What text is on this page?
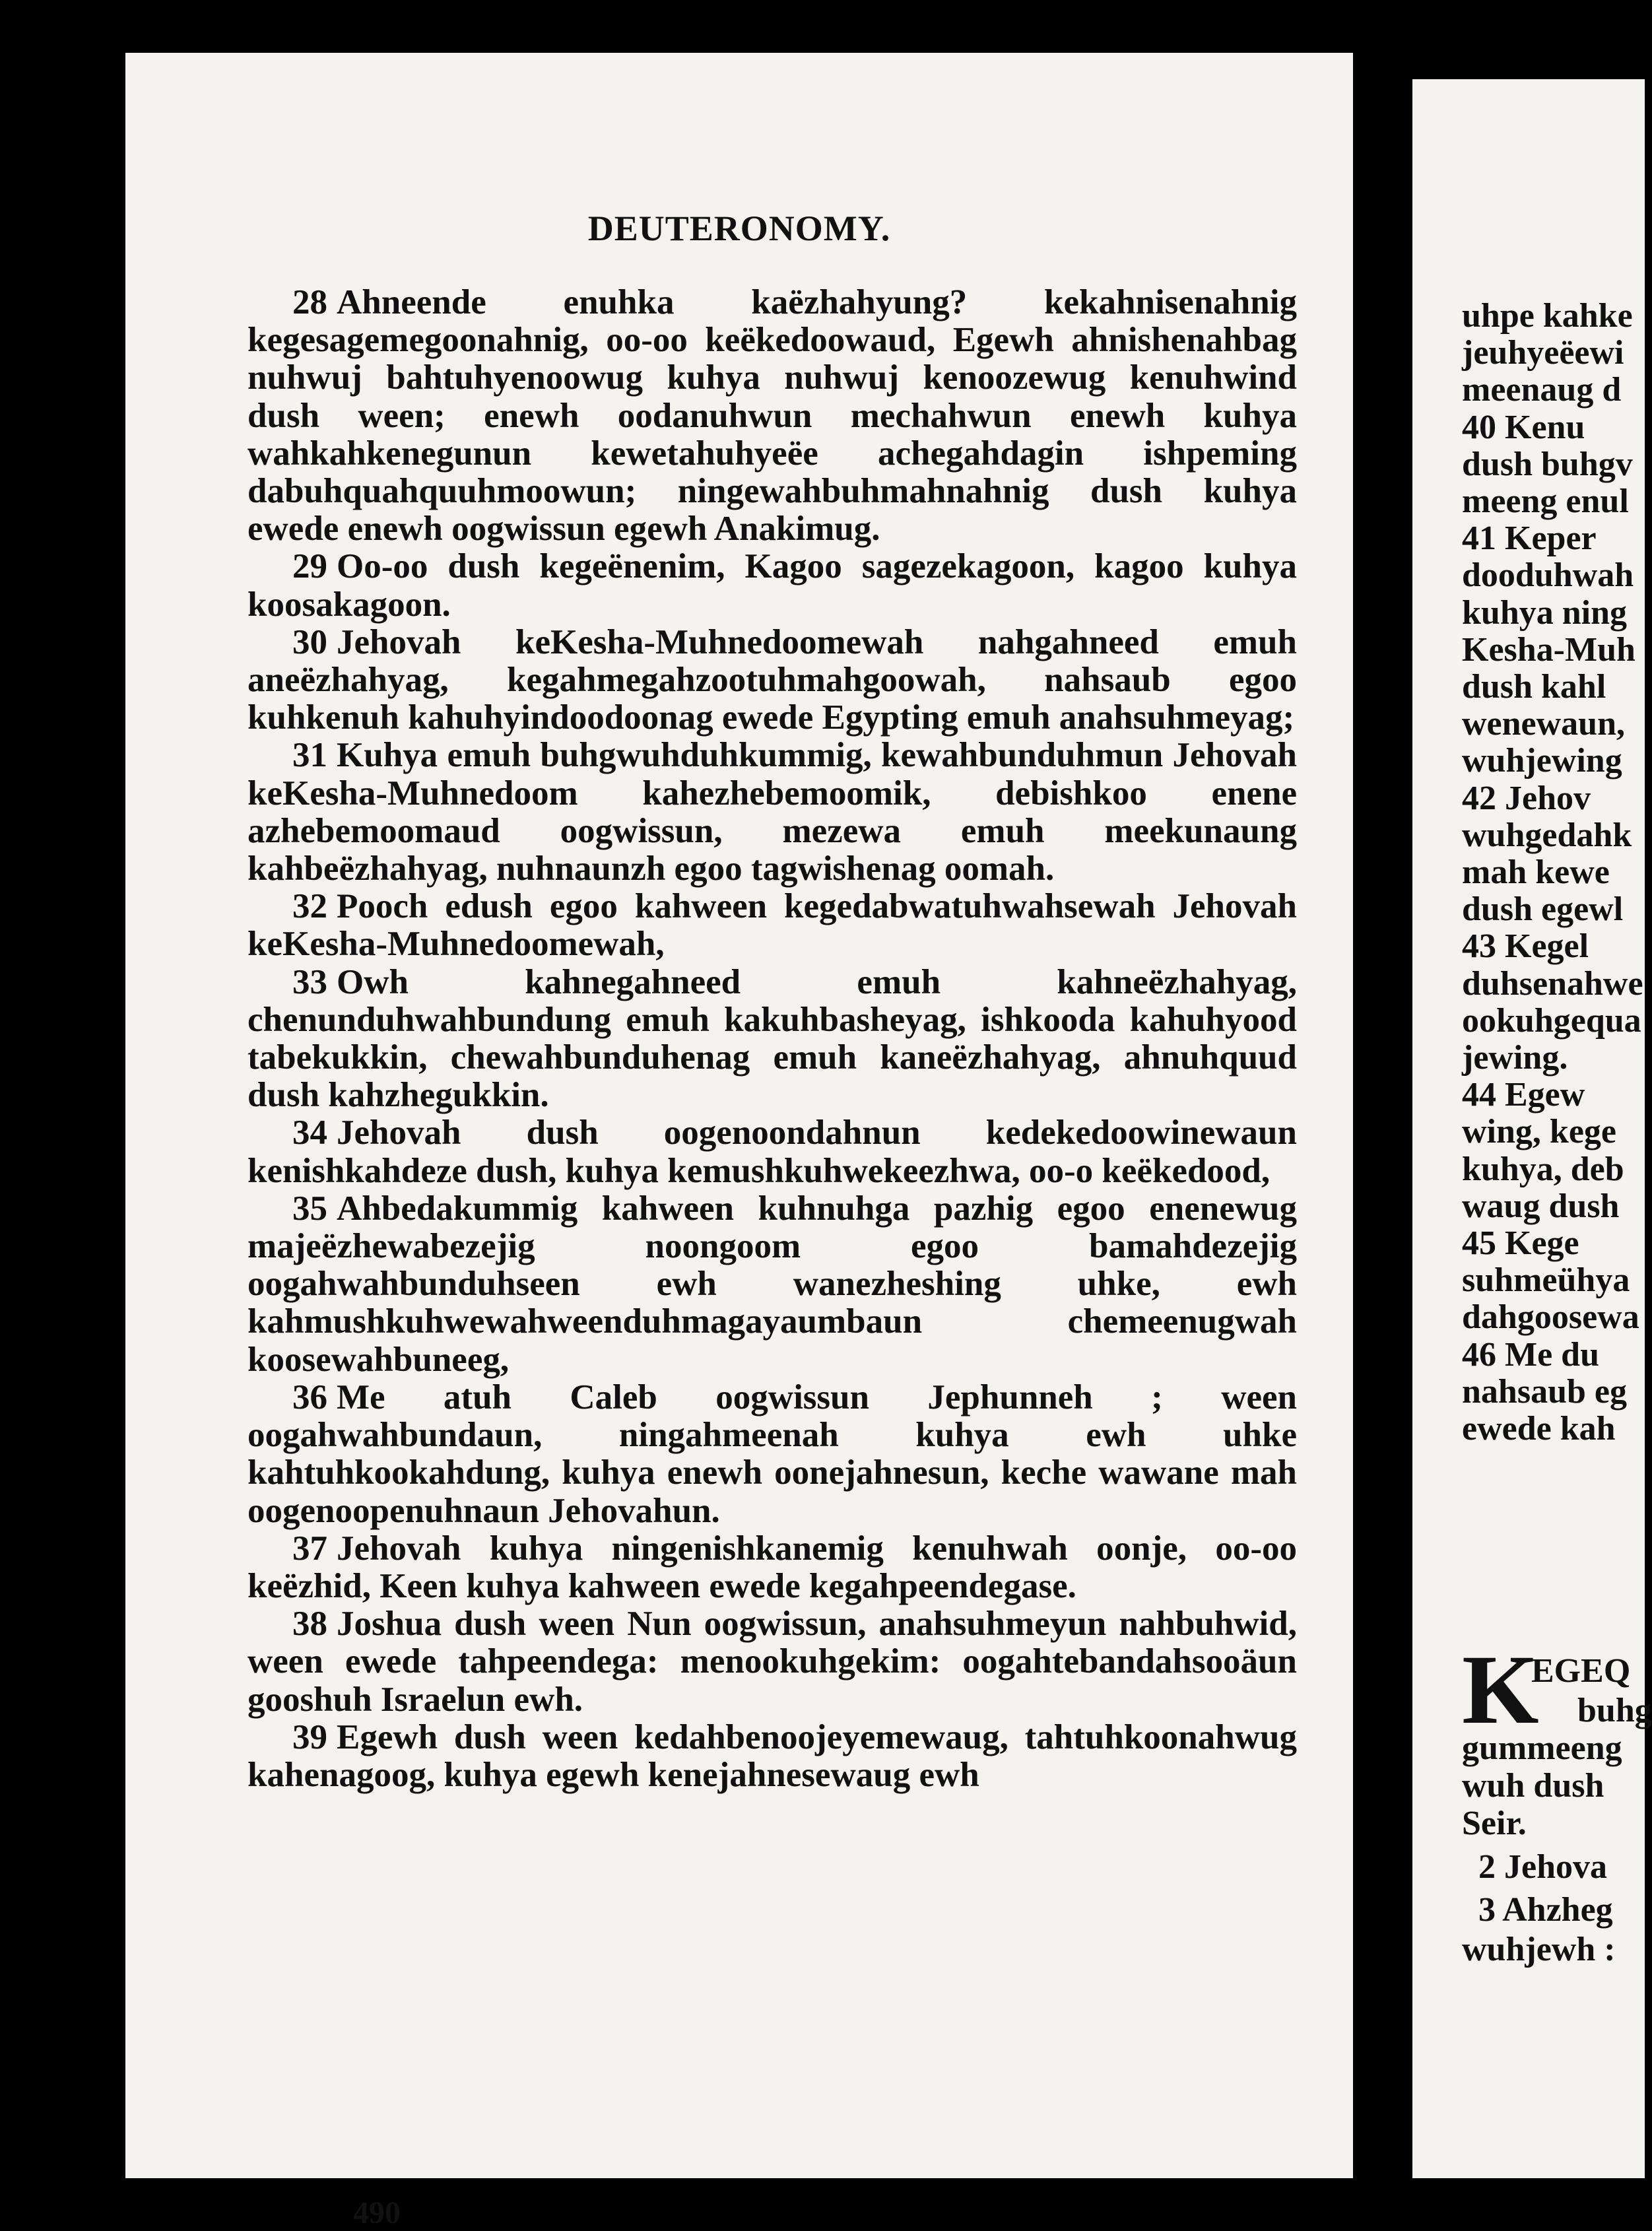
DEUTERONOMY.

28 Ahneende enuhka kaëzhahyung? kekahnisenahnig kegesagemegoonahnig, oo-oo keëkedoowaud, Egewh ahnishenahbag nuhwuj bahtuhyenoowug kuhya nuhwuj kenoozewug kenuhwind dush ween; enewh oodanuhwun mechahwun enewh kuhya wahkahkenegunun kewetahuhyeëe achegahdagin ishpeming dabuhquahquuhmoowun; ningewahbuhmahnahnig dush kuhya ewede enewh oogwissun egewh Anakimug.

29 Oo-oo dush kegeënenim, Kagoo sagezekagoon, kagoo kuhya koosakagoon.

30 Jehovah keKesha-Muhnedoomewah nahgahneed emuh aneëzhahyag, kegahmegahzootuhmahgoowah, nahsaub egoo kuhkenuh kahuhyindoodoonag ewede Egypting emuh anahsuhmeyag;

31 Kuhya emuh buhgwuhduhkummig, kewahbunduhmun Jehovah keKesha-Muhnedoom kahezhebemoomik, debishkoo enene azhebemoomaud oogwissun, mezewa emuh meekunaung kahbeëzhahyag, nuhnaunzh egoo tagwishenag oomah.

32 Pooch edush egoo kahween kegedabwatuhwahsewah Jehovah keKesha-Muhnedoomewah,

33 Owh kahnegahneed emuh kahneëzhahyag, chenunduhwahbundung emuh kakuhbasheyag, ishkooda kahuhyood tabekukkin, chewahbunduhenag emuh kaneëzhahyag, ahnuhquud dush kahzhegukkin.

34 Jehovah dush oogenoondahnun kedekedoowinewaun kenishkahdeze dush, kuhya kemushkuhwekeezhwa, oo-o keëkedood,

35 Ahbedakummig kahween kuhnuhga pazhig egoo enenewug majeëzhewabezejig noongoom egoo bamahdezejig oogahwahbunduhseen ewh wanezheshing uhke, ewh kahmushkuhwewahweenduhmagayaumbaun chemeenugwah koosewahbuneeg,

36 Me atuh Caleb oogwissun Jephunneh ; ween oogahwahbundaun, ningahmeenah kuhya ewh uhke kahtuhkookahdung, kuhya enewh oonejahnesun, keche wawane mah oogenoopenuhnaun Jehovahun.

37 Jehovah kuhya ningenishkanemig kenuhwah oonje, oo-oo keëzhid, Keen kuhya kahween ewede kegahpeendegase.

38 Joshua dush ween Nun oogwissun, anahsuhmeyun nahbuhwid, ween ewede tahpeendega: menookuhgekim: oogahtebandahsooäun gooshuh Israelun ewh.

39 Egewh dush ween kedahbenoojeyemewaug, tahtuhkoonahwug kahenagoog, kuhya egewh kenejahnesewaug ewh

490
uhpe kahke
jeuhyeëewi
meenaug d
40 Kenu
dush buhgv
meeng enul
41 Keper
dooduhwah
kuhya ning
Kesha-Muh
dush kahl
wenewaun,
wuhjewing
42 Jehov
wuhgedahk
mah kewe
dush egewl
43 Kegel
duhsenahwe
ookuhgequa
jewing.
44 Egew
wing, kege
kuhya, deb
waug dush
45 Kege
suhmeühya
dahgoosewa
46 Me du
nahsaub eg
ewede kah
K
EGEQ
buhg
gummeeng
wuh dush
Seir.
2 Jehova
3 Ahzheg
wuhjewh :
